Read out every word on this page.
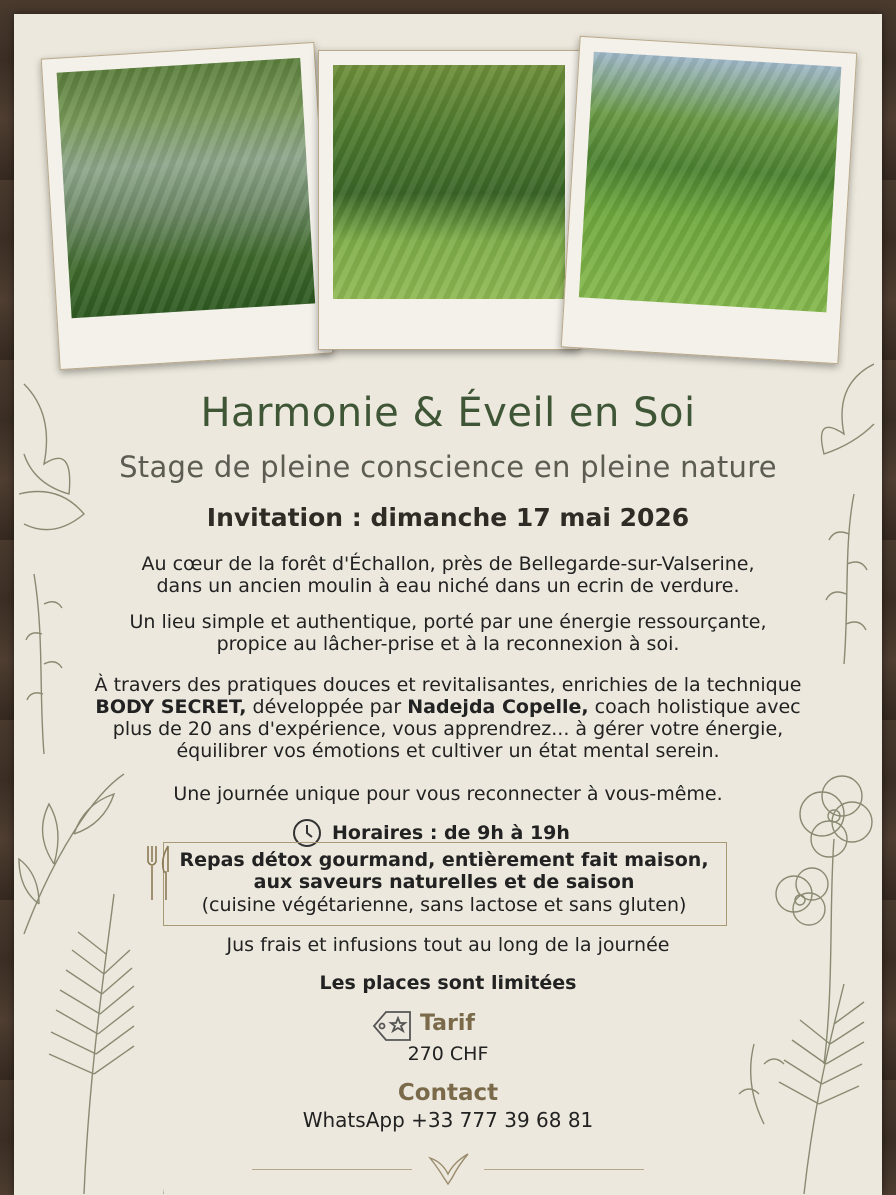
Harmonie & Éveil en Soi
Stage de pleine conscience en pleine nature
Invitation : dimanche 17 mai 2026
Au cœur de la forêt d'Échallon, près de Bellegarde-sur-Valserine,
dans un ancien moulin à eau niché dans un ecrin de verdure.
Un lieu simple et authentique, porté par une énergie ressourçante,
propice au lâcher-prise et à la reconnexion à soi.
À travers des pratiques douces et revitalisantes, enrichies de la technique
BODY SECRET, développée par Nadejda Copelle, coach holistique avec
plus de 20 ans d'expérience, vous apprendrez... à gérer votre énergie,
équilibrer vos émotions et cultiver un état mental serein.
Une journée unique pour vous reconnecter à vous-même.
Horaires : de 9h à 19h
Repas détox gourmand, entièrement fait maison,
aux saveurs naturelles et de saison
(cuisine végétarienne, sans lactose et sans gluten)
Jus frais et infusions tout au long de la journée
Les places sont limitées
Tarif
270 CHF
Contact
WhatsApp +33 777 39 68 81
